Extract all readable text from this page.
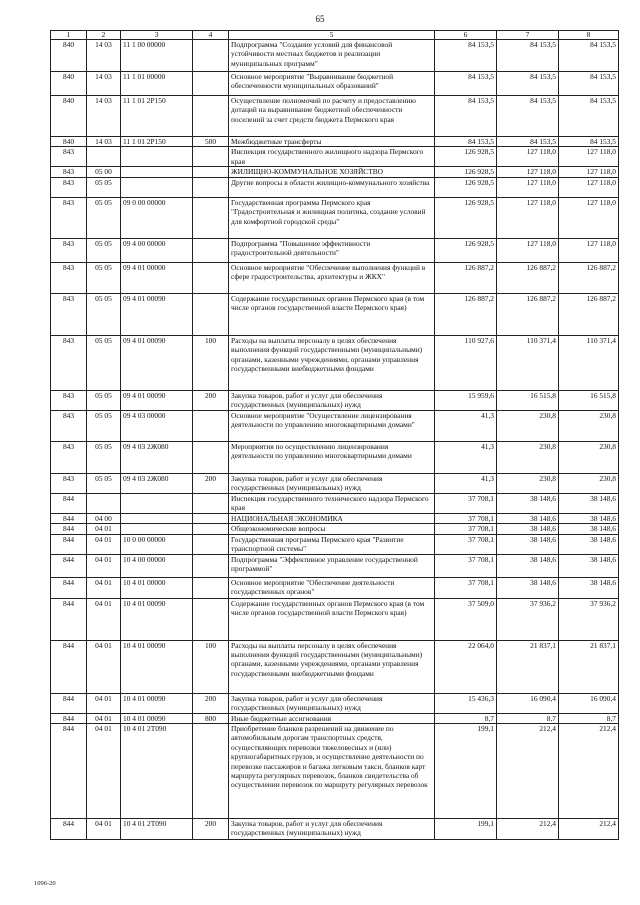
65
1	2	3	4	5	6	7	8
840	14 03	11 1 00 00000		Подпрограмма "Создание условий для финансовой устойчивости местных бюджетов и реализации муниципальных программ"	84 153,5	84 153,5	84 153,5
840	14 03	11 1 01 00000		Основное мероприятие "Выравнивание бюджетной обеспеченности муниципальных образований"	84 153,5	84 153,5	84 153,5
840	14 03	11 1 01 2P150		Осуществление полномочий по расчету и предоставлению дотаций на выравнивание бюджетной обеспеченности поселений за счет средств бюджета Пермского края	84 153,5	84 153,5	84 153,5
840	14 03	11 1 01 2P150	500	Межбюджетные трансферты	84 153,5	84 153,5	84 153,5
843				Инспекция государственного жилищного надзора Пермского края	126 928,5	127 118,0	127 118,0
843	05 00			ЖИЛИЩНО-КОММУНАЛЬНОЕ ХОЗЯЙСТВО	126 928,5	127 118,0	127 118,0
843	05 05			Другие вопросы в области жилищно-коммунального хозяйства	126 928,5	127 118,0	127 118,0
843	05 05	09 0 00 00000		Государственная программа Пермского края "Градостроительная и жилищная политика, создание условий для комфортной городской среды"	126 928,5	127 118,0	127 118,0
843	05 05	09 4 00 00000		Подпрограмма "Повышение эффективности градостроительной деятельности"	126 928,5	127 118,0	127 118,0
843	05 05	09 4 01 00000		Основное мероприятие "Обеспечение выполнения функций в сфере градостроительства, архитектуры и ЖКХ"	126 887,2	126 887,2	126 887,2
843	05 05	09 4 01 00090		Содержание государственных органов Пермского края (в том числе органов государственной власти Пермского края)	126 887,2	126 887,2	126 887,2
843	05 05	09 4 01 00090	100	Расходы на выплаты персоналу в целях обеспечения выполнения функций государственными (муниципальными) органами, казенными учреждениями, органами управления государственными внебюджетными фондами	110 927,6	110 371,4	110 371,4
843	05 05	09 4 01 00090	200	Закупка товаров, работ и услуг для обеспечения государственных (муниципальных) нужд	15 959,6	16 515,8	16 515,8
843	05 05	09 4 03 00000		Основное мероприятие "Осуществление лицензирования деятельности по управлению многоквартирными домами"	41,3	230,8	230,8
843	05 05	09 4 03 2Ж080		Мероприятия по осуществлению лицензирования деятельности по управлению многоквартирными домами	41,3	230,8	230,8
843	05 05	09 4 03 2Ж080	200	Закупка товаров, работ и услуг для обеспечения государственных (муниципальных) нужд	41,3	230,8	230,8
844				Инспекция государственного технического надзора Пермского края	37 708,1	38 148,6	38 148,6
844	04 00			НАЦИОНАЛЬНАЯ ЭКОНОМИКА	37 708,1	38 148,6	38 148,6
844	04 01			Общеэкономические вопросы	37 708,1	38 148,6	38 148,6
844	04 01	10 0 00 00000		Государственная программа Пермского края "Развитие транспортной системы"	37 708,1	38 148,6	38 148,6
844	04 01	10 4 00 00000		Подпрограмма "Эффективное управление государственной программой"	37 708,1	38 148,6	38 148,6
844	04 01	10 4 01 00000		Основное мероприятие "Обеспечение деятельности государственных органов"	37 708,1	38 148,6	38 148,6
844	04 01	10 4 01 00090		Содержание государственных органов Пермского края (в том числе органов государственной власти Пермского края)	37 509,0	37 936,2	37 936,2
844	04 01	10 4 01 00090	100	Расходы на выплаты персоналу в целях обеспечения выполнения функций государственными (муниципальными) органами, казенными учреждениями, органами управления государственными внебюджетными фондами	22 064,0	21 837,1	21 837,1
844	04 01	10 4 01 00090	200	Закупка товаров, работ и услуг для обеспечения государственных (муниципальных) нужд	15 436,3	16 090,4	16 090,4
844	04 01	10 4 01 00090	800	Иные бюджетные ассигнования	8,7	8,7	8,7
844	04 01	10 4 01 2T090		Приобретение бланков разрешений на движение по автомобильным дорогам транспортных средств, осуществляющих перевозки тяжеловесных и (или) крупногабаритных грузов, и осуществление деятельности по перевозке пассажиров и багажа легковым такси, бланков карт маршрута регулярных перевозок, бланков свидетельства об осуществлении перевозок по маршруту регулярных перевозок	199,1	212,4	212,4
844	04 01	10 4 01 2T090	200	Закупка товаров, работ и услуг для обеспечения государственных (муниципальных) нужд	199,1	212,4	212,4
1096-20
